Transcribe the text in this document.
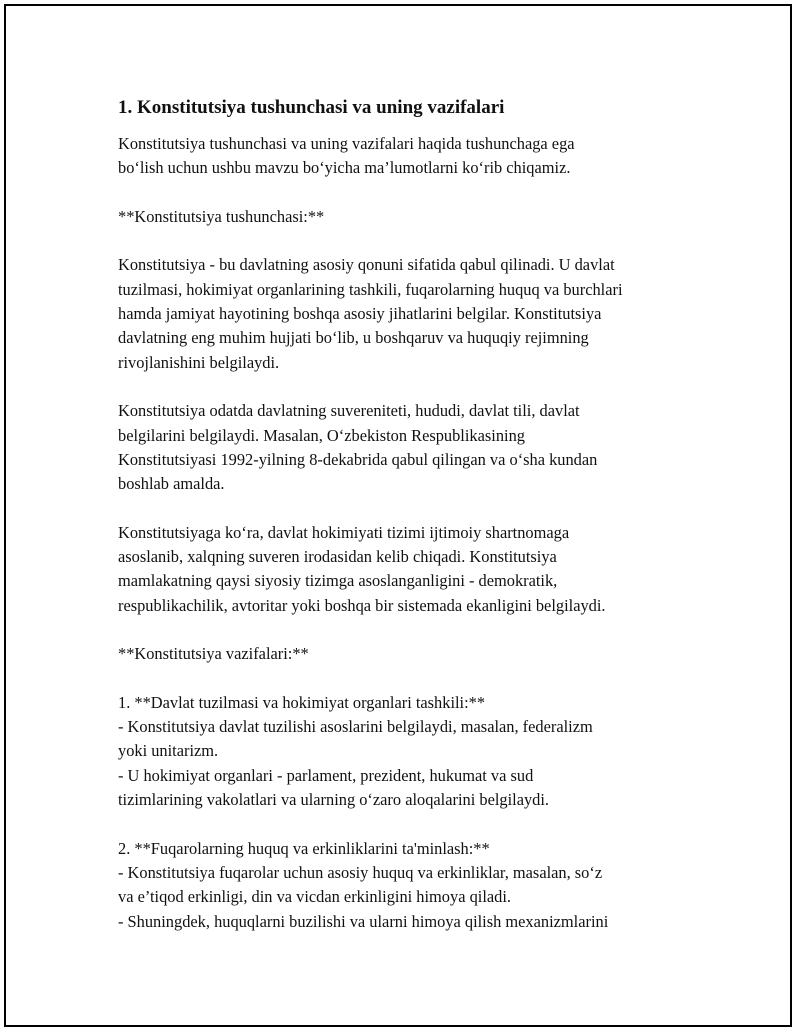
1. Konstitutsiya tushunchasi va uning vazifalari

Konstitutsiya tushunchasi va uning vazifalari haqida tushunchaga ega
bo‘lish uchun ushbu mavzu bo‘yicha ma’lumotlarni ko‘rib chiqamiz.

**Konstitutsiya tushunchasi:**

Konstitutsiya - bu davlatning asosiy qonuni sifatida qabul qilinadi. U davlat
tuzilmasi, hokimiyat organlarining tashkili, fuqarolarning huquq va burchlari
hamda jamiyat hayotining boshqa asosiy jihatlarini belgilar. Konstitutsiya
davlatning eng muhim hujjati bo‘lib, u boshqaruv va huquqiy rejimning
rivojlanishini belgilaydi.

Konstitutsiya odatda davlatning suvereniteti, hududi, davlat tili, davlat
belgilarini belgilaydi. Masalan, O‘zbekiston Respublikasining
Konstitutsiyasi 1992-yilning 8-dekabrida qabul qilingan va o‘sha kundan
boshlab amalda.

Konstitutsiyaga ko‘ra, davlat hokimiyati tizimi ijtimoiy shartnomaga
asoslanib, xalqning suveren irodasidan kelib chiqadi. Konstitutsiya
mamlakatning qaysi siyosiy tizimga asoslanganligini - demokratik,
respublikachilik, avtoritar yoki boshqa bir sistemada ekanligini belgilaydi.

**Konstitutsiya vazifalari:**

1. **Davlat tuzilmasi va hokimiyat organlari tashkili:**
- Konstitutsiya davlat tuzilishi asoslarini belgilaydi, masalan, federalizm
yoki unitarizm.
- U hokimiyat organlari - parlament, prezident, hukumat va sud
tizimlarining vakolatlari va ularning o‘zaro aloqalarini belgilaydi.

2. **Fuqarolarning huquq va erkinliklarini ta'minlash:**
- Konstitutsiya fuqarolar uchun asosiy huquq va erkinliklar, masalan, so‘z
va e’tiqod erkinligi, din va vicdan erkinligini himoya qiladi.
- Shuningdek, huquqlarni buzilishi va ularni himoya qilish mexanizmlarini
